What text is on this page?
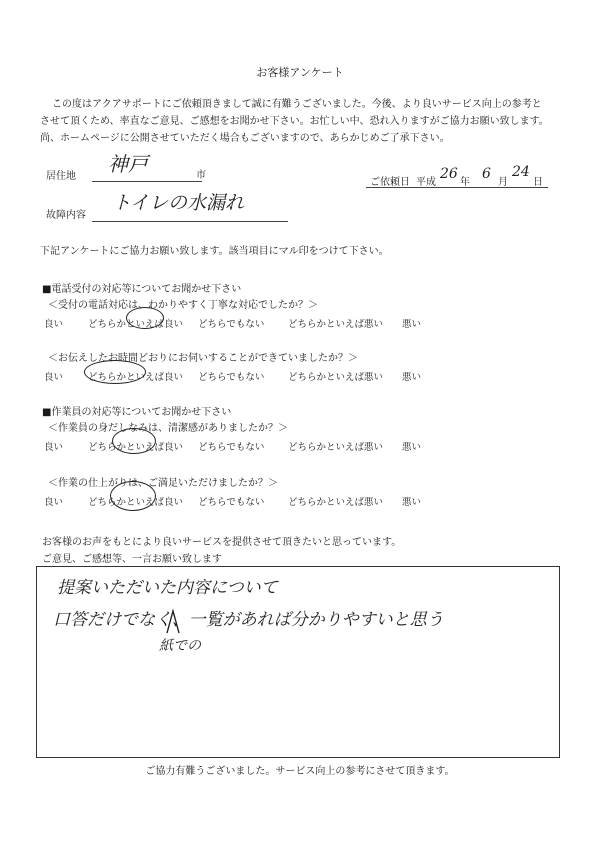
お客様アンケート
この度はアクアサポートにご依頼頂きまして誠に有難うございました。今後、より良いサービス向上の参考と
させて頂くため、率直なご意見、ご感想をお聞かせ下さい。お忙しい中、恐れ入りますがご協力お願い致します。
尚、ホームページに公開させていただく場合もございますので、あらかじめご了承下さい。
居住地
神戸	市
ご依頼日 平成
26
年
6
月
24
日
故障内容
トイレの水漏れ
下記アンケートにご協力お願い致します。該当項目にマル印をつけて下さい。
■電話受付の対応等についてお聞かせ下さい
＜受付の電話対応は、わかりやすく丁寧な対応でしたか？＞
良い	どちらかといえば良い どちらでもない どちらかといえば悪い 悪い
＜お伝えしたお時間どおりにお伺いすることができていましたか？＞
良い	どちらかといえば良い どちらでもない どちらかといえば悪い 悪い
■作業員の対応等についてお聞かせ下さい
＜作業員の身だしなみは、清潔感がありましたか？＞
良い	どちらかといえば良い どちらでもない どちらかといえば悪い 悪い
＜作業の仕上がりは、ご満足いただけましたか？＞
良い	どちらかといえば良い どちらでもない どちらかといえば悪い 悪い
お客様のお声をもとにより良いサービスを提供させて頂きたいと思っています。
ご意見、ご感想等、一言お願い致します
提案いただいた内容について
口答だけでなく、一覧があれば分かりやすいと思う
紙での
ご協力有難うございました。サービス向上の参考にさせて頂きます。
